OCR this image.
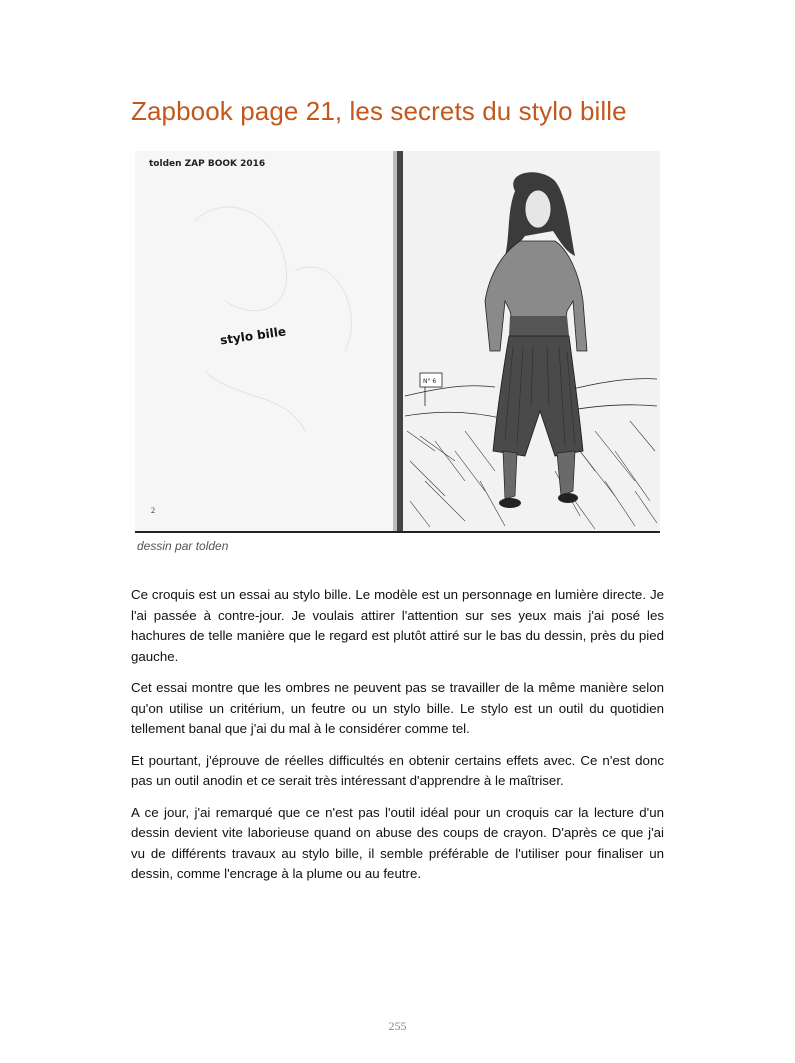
Zapbook page 21, les secrets du stylo bille
tolden ZAP BOOK 2016
stylo bille
2
N° 6
dessin par tolden

Ce croquis est un essai au stylo bille. Le modèle est un personnage en lumière directe. Je l'ai passée à contre-jour. Je voulais attirer l'attention sur ses yeux mais j'ai posé les hachures de telle manière que le regard est plutôt attiré sur le bas du dessin, près du pied gauche.

Cet essai montre que les ombres ne peuvent pas se travailler de la même manière selon qu'on utilise un critérium, un feutre ou un stylo bille. Le stylo est un outil du quotidien tellement banal que j'ai du mal à le considérer comme tel.

Et pourtant, j'éprouve de réelles difficultés en obtenir certains effets avec. Ce n'est donc pas un outil anodin et ce serait très intéressant d'apprendre à le maîtriser.

A ce jour, j'ai remarqué que ce n'est pas l'outil idéal pour un croquis car la lecture d'un dessin devient vite laborieuse quand on abuse des coups de crayon. D'après ce que j'ai vu de différents travaux au stylo bille, il semble préférable de l'utiliser pour finaliser un dessin, comme l'encrage à la plume ou au feutre.

255
